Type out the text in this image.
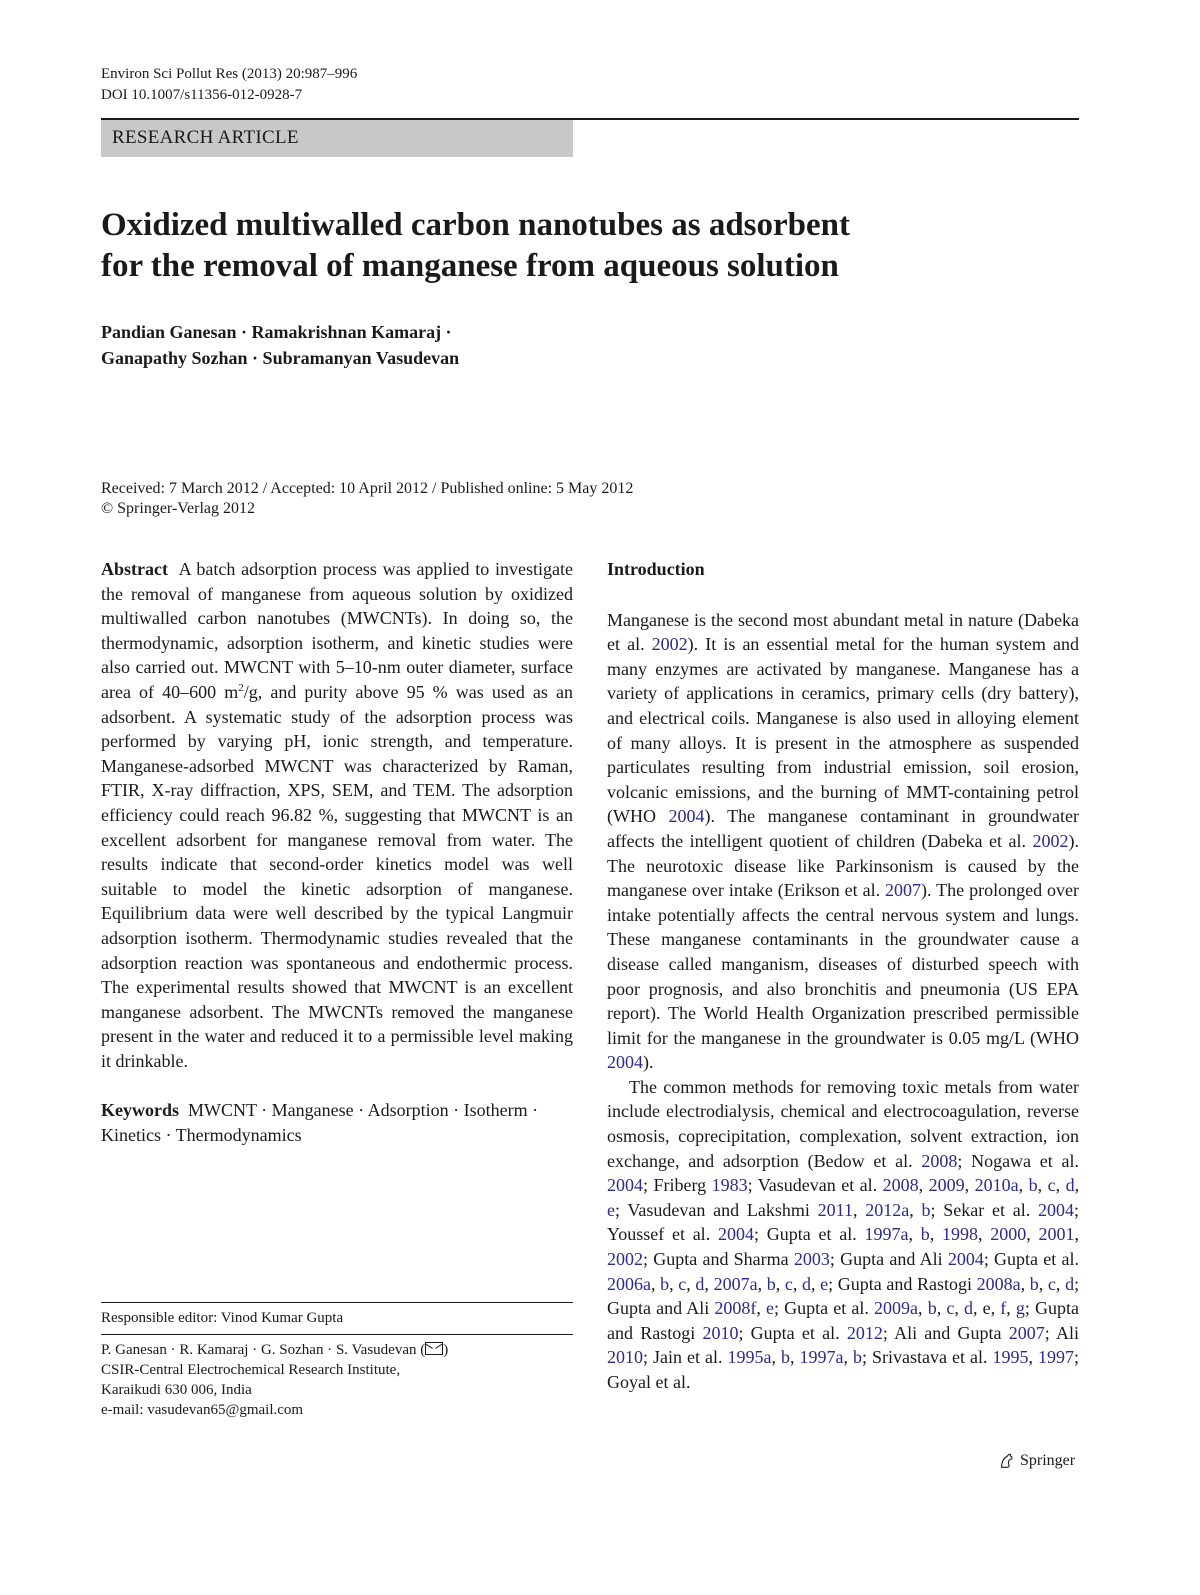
Environ Sci Pollut Res (2013) 20:987–996
DOI 10.1007/s11356-012-0928-7
RESEARCH ARTICLE
Oxidized multiwalled carbon nanotubes as adsorbent
for the removal of manganese from aqueous solution
Pandian Ganesan · Ramakrishnan Kamaraj ·
Ganapathy Sozhan · Subramanyan Vasudevan
Received: 7 March 2012 / Accepted: 10 April 2012 / Published online: 5 May 2012
© Springer-Verlag 2012

Abstract A batch adsorption process was applied to investigate the removal of manganese from aqueous solution by oxidized multiwalled carbon nanotubes (MWCNTs). In doing so, the thermodynamic, adsorption isotherm, and kinetic studies were also carried out. MWCNT with 5–10-nm outer diameter, surface area of 40–600 $m^2/g$, and purity above 95 % was used as an adsorbent. A systematic study of the adsorption process was performed by varying pH, ionic strength, and temperature. Manganese-adsorbed MWCNT was characterized by Raman, FTIR, X-ray diffraction, XPS, SEM, and TEM. The adsorption efficiency could reach 96.82 %, suggesting that MWCNT is an excellent adsorbent for manganese removal from water. The results indicate that second-order kinetics model was well suitable to model the kinetic adsorption of manganese. Equilibrium data were well described by the typical Langmuir adsorption isotherm. Thermodynamic studies revealed that the adsorption reaction was spontaneous and endothermic process. The experimental results showed that MWCNT is an excellent manganese adsorbent. The MWCNTs removed the manganese present in the water and reduced it to a permissible level making it drinkable.

Keywords MWCNT · Manganese · Adsorption · Isotherm · Kinetics · Thermodynamics

Responsible editor: Vinod Kumar Gupta
P. Ganesan · R. Kamaraj · G. Sozhan · S. Vasudevan ( )
CSIR-Central Electrochemical Research Institute,
Karaikudi 630 006, India
e-mail: vasudevan65@gmail.com

Introduction

Manganese is the second most abundant metal in nature (Dabeka et al. 2002). It is an essential metal for the human system and many enzymes are activated by manganese. Manganese has a variety of applications in ceramics, primary cells (dry battery), and electrical coils. Manganese is also used in alloying element of many alloys. It is present in the atmosphere as suspended particulates resulting from industrial emission, soil erosion, volcanic emissions, and the burning of MMT-containing petrol (WHO 2004). The manganese contaminant in groundwater affects the intelligent quotient of children (Dabeka et al. 2002). The neurotoxic disease like Parkinsonism is caused by the manganese over intake (Erikson et al. 2007). The prolonged over intake potentially affects the central nervous system and lungs. These manganese contaminants in the groundwater cause a disease called manganism, diseases of disturbed speech with poor prognosis, and also bronchitis and pneumonia (US EPA report). The World Health Organization prescribed permissible limit for the manganese in the groundwater is 0.05 mg/L (WHO 2004).

The common methods for removing toxic metals from water include electrodialysis, chemical and electrocoagulation, reverse osmosis, coprecipitation, complexation, solvent extraction, ion exchange, and adsorption (Bedow et al. 2008; Nogawa et al. 2004; Friberg 1983; Vasudevan et al. 2008, 2009, 2010a, b, c, d, e; Vasudevan and Lakshmi 2011, 2012a, b; Sekar et al. 2004; Youssef et al. 2004; Gupta et al. 1997a, b, 1998, 2000, 2001, 2002; Gupta and Sharma 2003; Gupta and Ali 2004; Gupta et al. 2006a, b, c, d, 2007a, b, c, d, e; Gupta and Rastogi 2008a, b, c, d; Gupta and Ali 2008f, e; Gupta et al. 2009a, b, c, d, e, f, g; Gupta and Rastogi 2010; Gupta et al. 2012; Ali and Gupta 2007; Ali 2010; Jain et al. 1995a, b, 1997a, b; Srivastava et al. 1995, 1997; Goyal et al.

Springer
